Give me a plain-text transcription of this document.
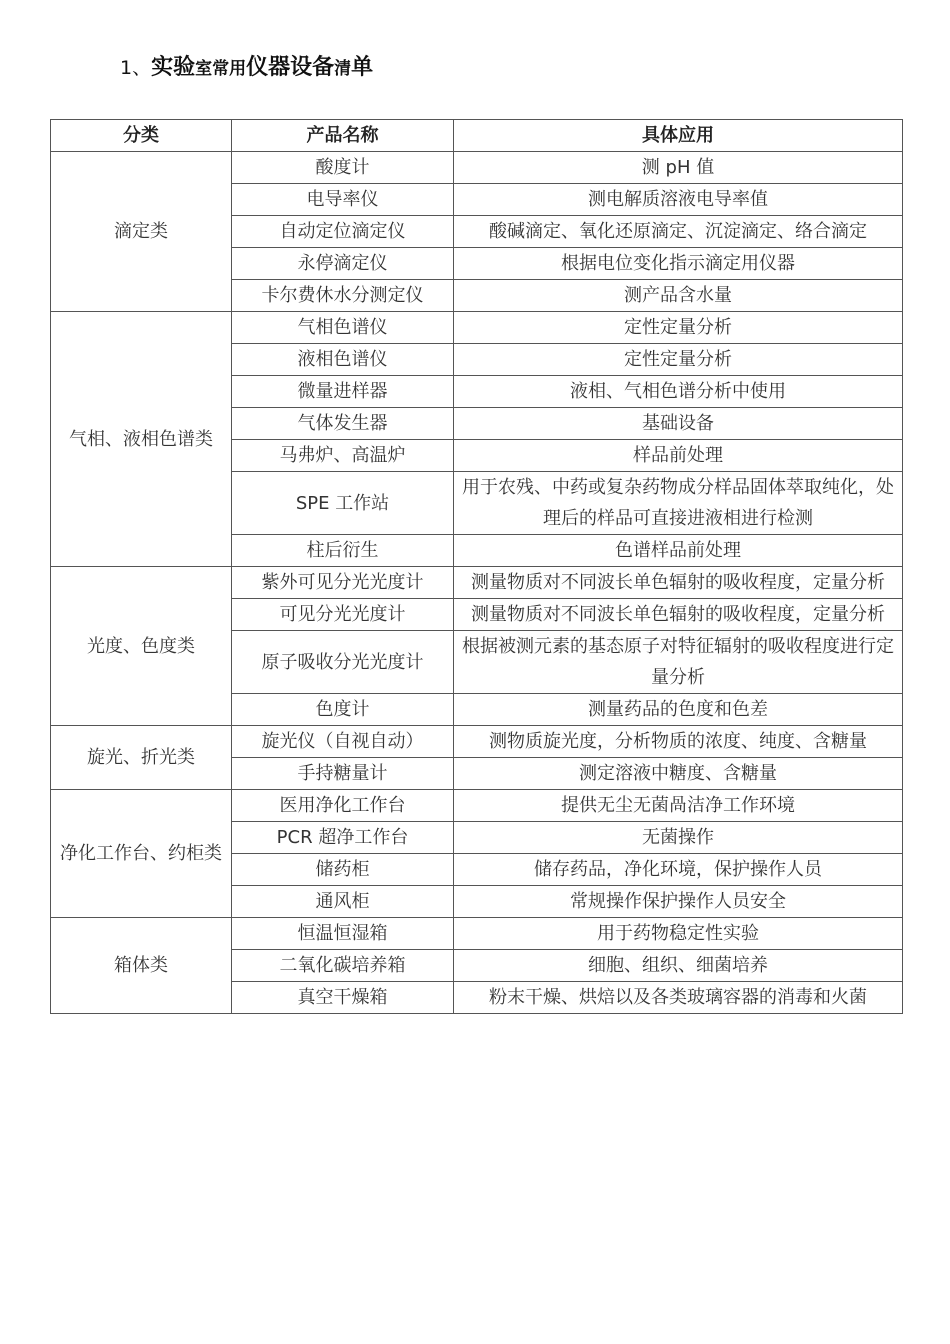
1、实验室常用仪器设备清单
分类	产品名称	具体应用
滴定类	酸度计	测 pH 值
	电导率仪	测电解质溶液电导率值
	自动定位滴定仪	酸碱滴定、氧化还原滴定、沉淀滴定、络合滴定
	永停滴定仪	根据电位变化指示滴定用仪器
	卡尔费休水分测定仪	测产品含水量
气相、液相色谱类	气相色谱仪	定性定量分析
	液相色谱仪	定性定量分析
	微量进样器	液相、气相色谱分析中使用
	气体发生器	基础设备
	马弗炉、高温炉	样品前处理
	SPE 工作站	用于农残、中药或复杂药物成分样品固体萃取纯化，处理后的样品可直接进液相进行检测
	柱后衍生	色谱样品前处理
光度、色度类	紫外可见分光光度计	测量物质对不同波长单色辐射的吸收程度，定量分析
	可见分光光度计	测量物质对不同波长单色辐射的吸收程度，定量分析
	原子吸收分光光度计	根据被测元素的基态原子对特征辐射的吸收程度进行定量分析
	色度计	测量药品的色度和色差
旋光、折光类	旋光仪（自视自动）	测物质旋光度，分析物质的浓度、纯度、含糖量
	手持糖量计	测定溶液中糖度、含糖量
净化工作台、约柜类	医用净化工作台	提供无尘无菌咼洁净工作环境
	PCR 超净工作台	无菌操作
	储药柜	储存药品，净化环境，保护操作人员
	通风柜	常规操作保护操作人员安全
箱体类	恒温恒湿箱	用于药物稳定性实验
	二氧化碳培养箱	细胞、组织、细菌培养
	真空干燥箱	粉末干燥、烘焙以及各类玻璃容器的消毒和火菌
